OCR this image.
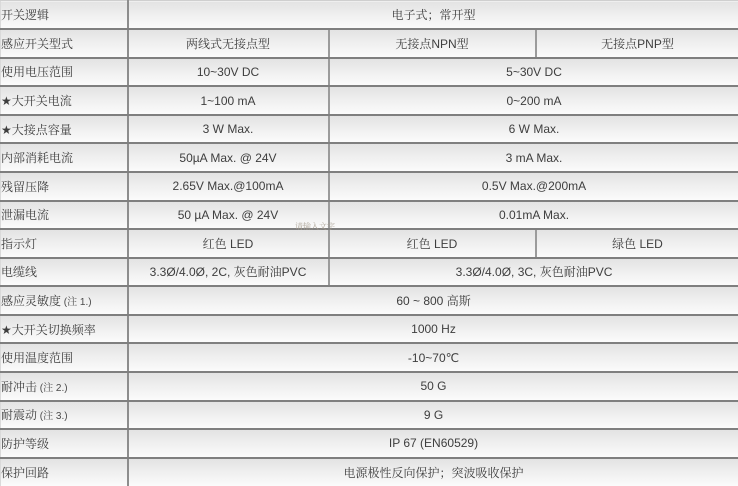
开关逻辑	电子式；常开型		
感应开关型式	两线式无接点型	无接点NPN型	无接点PNP型
使用电压范围	10~30V DC	5~30V DC	
★大开关电流	1~100 mA	0~200 mA	
★大接点容量	3 W Max.	6 W Max.	
内部消耗电流	50µA Max. @ 24V	3 mA Max.	
残留压降	2.65V Max.@100mA	0.5V Max.@200mA	
泄漏电流	50 µA Max. @ 24V	0.01mA Max.	
指示灯	红色 LED	红色 LED	绿色 LED
电缆线	3.3Ø/4.0Ø, 2C, 灰色耐油PVC	3.3Ø/4.0Ø, 3C, 灰色耐油PVC	
感应灵敏度 (注 1.)	60 ~ 800 高斯		
★大开关切换频率	1000 Hz		
使用温度范围	-10~70℃		
耐冲击 (注 2.)	50 G		
耐震动 (注 3.)	9 G		
防护等级	IP 67 (EN60529)		
保护回路	电源极性反向保护；突波吸收保护		
请输入文字
